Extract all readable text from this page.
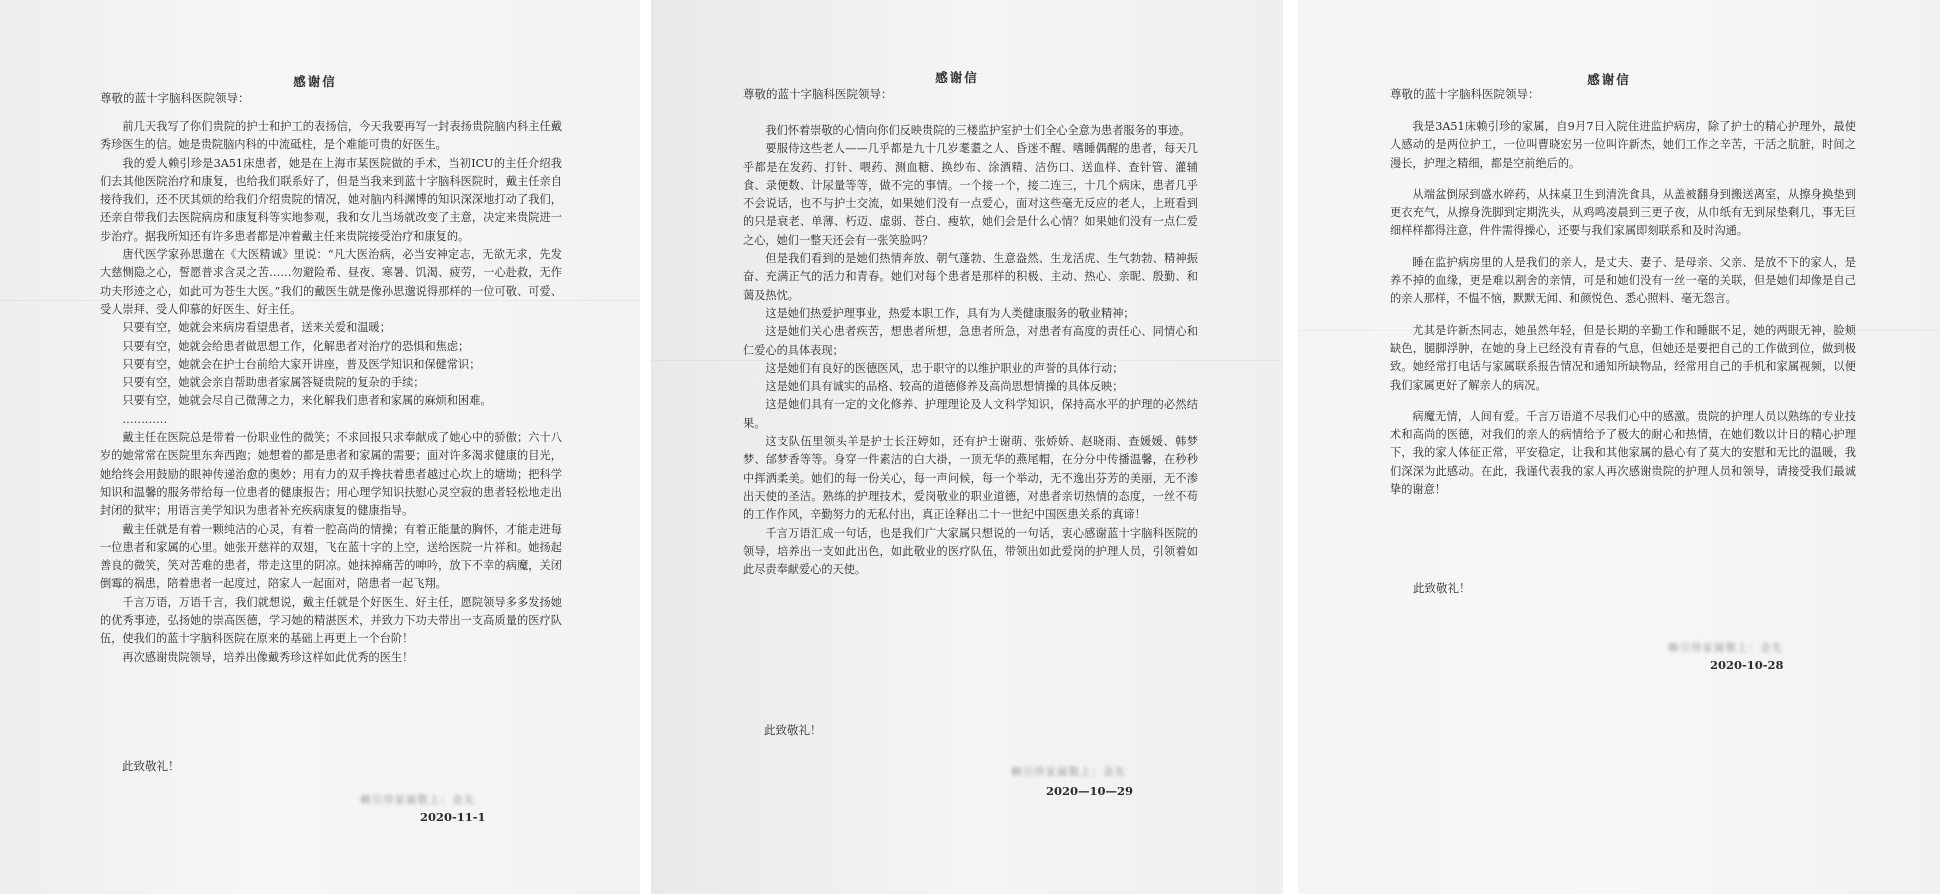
感谢信
尊敬的蓝十字脑科医院领导：

前几天我写了你们贵院的护士和护工的表扬信，今天我要再写一封表扬贵院脑内科主任戴秀珍医生的信。她是贵院脑内科的中流砥柱，是个难能可贵的好医生。

我的爱人赖引珍是3A51床患者，她是在上海市某医院做的手术，当初ICU的主任介绍我们去其他医院治疗和康复，也给我们联系好了，但是当我来到蓝十字脑科医院时，戴主任亲自接待我们，还不厌其烦的给我们介绍贵院的情况，她对脑内科渊博的知识深深地打动了我们，还亲自带我们去医院病房和康复科等实地参观，我和女儿当场就改变了主意，决定来贵院进一步治疗。据我所知还有许多患者都是冲着戴主任来贵院接受治疗和康复的。

唐代医学家孙思邈在《大医精诚》里说：“凡大医治病，必当安神定志，无欲无求，先发大慈恻隐之心，誓愿普求含灵之苦……勿避险希、昼夜、寒暑、饥渴、疲劳，一心赴救，无作功夫形迹之心，如此可为苍生大医。”我们的戴医生就是像孙思邈说得那样的一位可敬、可爱、受人崇拜、受人仰慕的好医生、好主任。

只要有空，她就会来病房看望患者，送来关爱和温暖；

只要有空，她就会给患者做思想工作，化解患者对治疗的恐惧和焦虑；

只要有空，她就会在护士台前给大家开讲座，普及医学知识和保健常识；

只要有空，她就会亲自帮助患者家属答疑贵院的复杂的手续；

只要有空，她就会尽自己微薄之力，来化解我们患者和家属的麻烦和困难。

…………

戴主任在医院总是带着一份职业性的微笑；不求回报只求奉献成了她心中的骄傲；六十八岁的她常常在医院里东奔西跑；她想着的都是患者和家属的需要；面对许多渴求健康的目光，她给终会用鼓励的眼神传递治愈的奥妙；用有力的双手搀扶着患者越过心坎上的塘坳；把科学知识和温馨的服务带给每一位患者的健康报告；用心理学知识扶慰心灵空寂的患者轻松地走出封闭的狱牢；用语言美学知识为患者补充疾病康复的健康指导。

戴主任就是有着一颗纯洁的心灵，有着一腔高尚的情操；有着正能量的胸怀，才能走进每一位患者和家属的心里。她张开慈祥的双翅，飞在蓝十字的上空，送给医院一片祥和。她扬起善良的微笑，笑对苦难的患者，带走这里的阴凉。她抹掉痛苦的呻吟，放下不幸的病魔，关闭倒霉的祸患，陪着患者一起度过，陪家人一起面对，陪患者一起飞翔。

千言万语，万语千言，我们就想说，戴主任就是个好医生、好主任，愿院领导多多发扬她的优秀事迹，弘扬她的崇高医德，学习她的精湛医术，并致力下功夫带出一支高质量的医疗队伍，使我们的蓝十字脑科医院在原来的基础上再更上一个台阶！

再次感谢贵院领导，培养出像戴秀珍这样如此优秀的医生！

此致敬礼！
赖引珍家属敬上：金先
2020-11-1
感谢信
尊敬的蓝十字脑科医院领导：

我们怀着崇敬的心情向你们反映贵院的三楼监护室护士们全心全意为患者服务的事迹。

要服侍这些老人——几乎都是九十几岁耄耋之人、昏迷不醒、嗜睡偶醒的患者，每天几乎都是在发药、打针、喂药、测血糖、换纱布、涂酒精、洁伤口、送血样、查针管、灌辅食、录便数、计尿量等等，做不完的事情。一个接一个，接二连三，十几个病床，患者几乎不会说话，也不与护士交流，如果她们没有一点爱心，面对这些毫无反应的老人，上班看到的只是衰老、单薄、朽迈、虚弱、苍白、瘦软，她们会是什么心情？如果她们没有一点仁爱之心，她们一整天还会有一张笑脸吗？

但是我们看到的是她们热情奔放、朝气蓬勃、生意盎然、生龙活虎、生气勃勃、精神振奋、充满正气的活力和青春。她们对每个患者是那样的积极、主动、热心、亲昵、殷勤、和蔼及热忱。

这是她们热爱护理事业，热爱本职工作，具有为人类健康服务的敬业精神；

这是她们关心患者疾苦，想患者所想，急患者所急，对患者有高度的责任心、同情心和仁爱心的具体表现；

这是她们有良好的医德医风，忠于职守的以维护职业的声誉的具体行动；

这是她们具有诚实的品格、较高的道德修养及高尚思想情操的具体反映；

这是她们具有一定的文化修养、护理理论及人文科学知识，保持高水平的护理的必然结果。

这支队伍里领头羊是护士长汪婷如，还有护士谢萌、张娇娇、赵晓雨、查媛媛、韩梦梦、邰梦香等等。身穿一件素洁的白大褂，一顶无华的燕尾帽，在分分中传播温馨，在秒秒中挥洒柔美。她们的每一份关心，每一声问候，每一个举动，无不逸出芬芳的美丽，无不渗出天使的圣洁。熟练的护理技术，爱岗敬业的职业道德，对患者亲切热情的态度，一丝不苟的工作作风，辛勤努力的无私付出，真正诠释出二十一世纪中国医患关系的真谛！

千言万语汇成一句话，也是我们广大家属只想说的一句话，衷心感谢蓝十字脑科医院的领导，培养出一支如此出色，如此敬业的医疗队伍，带领出如此爱岗的护理人员，引领着如此尽责奉献爱心的天使。

此致敬礼！
赖引珍家属敬上：金先
2020—10—29
感谢信
尊敬的蓝十字脑科医院领导：

我是3A51床赖引珍的家属，自9月7日入院住进监护病房，除了护士的精心护理外，最使人感动的是两位护工，一位叫曹晓宏另一位叫许新杰，她们工作之辛苦，干活之肮脏，时间之漫长，护理之精细，都是空前绝后的。

从端盆倒尿到盛水碎药，从抹桌卫生到清洗食具，从盖被翻身到搬送离室，从擦身换垫到更衣充气，从擦身洗脚到定期洗头，从鸡鸣凌晨到三更子夜，从巾纸有无到尿垫剩几，事无巨细样样都得注意，件件需得操心，还要与我们家属即刻联系和及时沟通。

睡在监护病房里的人是我们的亲人，是丈夫、妻子、是母亲、父亲、是放不下的家人，是养不掉的血缘，更是难以割舍的亲情，可是和她们没有一丝一毫的关联，但是她们却像是自己的亲人那样，不愠不恼，默默无闻、和颜悦色、悉心照料、毫无怨言。

尤其是许新杰同志，她虽然年轻，但是长期的辛勤工作和睡眠不足，她的两眼无神，脸颊缺色，腿脚浮肿，在她的身上已经没有青春的气息，但她还是要把自己的工作做到位，做到极致。她经常打电话与家属联系报告情况和通知所缺物品，经常用自己的手机和家属视频，以便我们家属更好了解亲人的病况。

病魔无情，人间有爱。千言万语道不尽我们心中的感激。贵院的护理人员以熟练的专业技术和高尚的医德，对我们的亲人的病情给予了极大的耐心和热情，在她们数以计日的精心护理下，我的家人体征正常，平安稳定，让我和其他家属的悬心有了莫大的安慰和无比的温暖，我们深深为此感动。在此，我谨代表我的家人再次感谢贵院的护理人员和领导，请接受我们最诚挚的谢意！

此致敬礼！
赖引珍家属敬上：金先
2020-10-28
